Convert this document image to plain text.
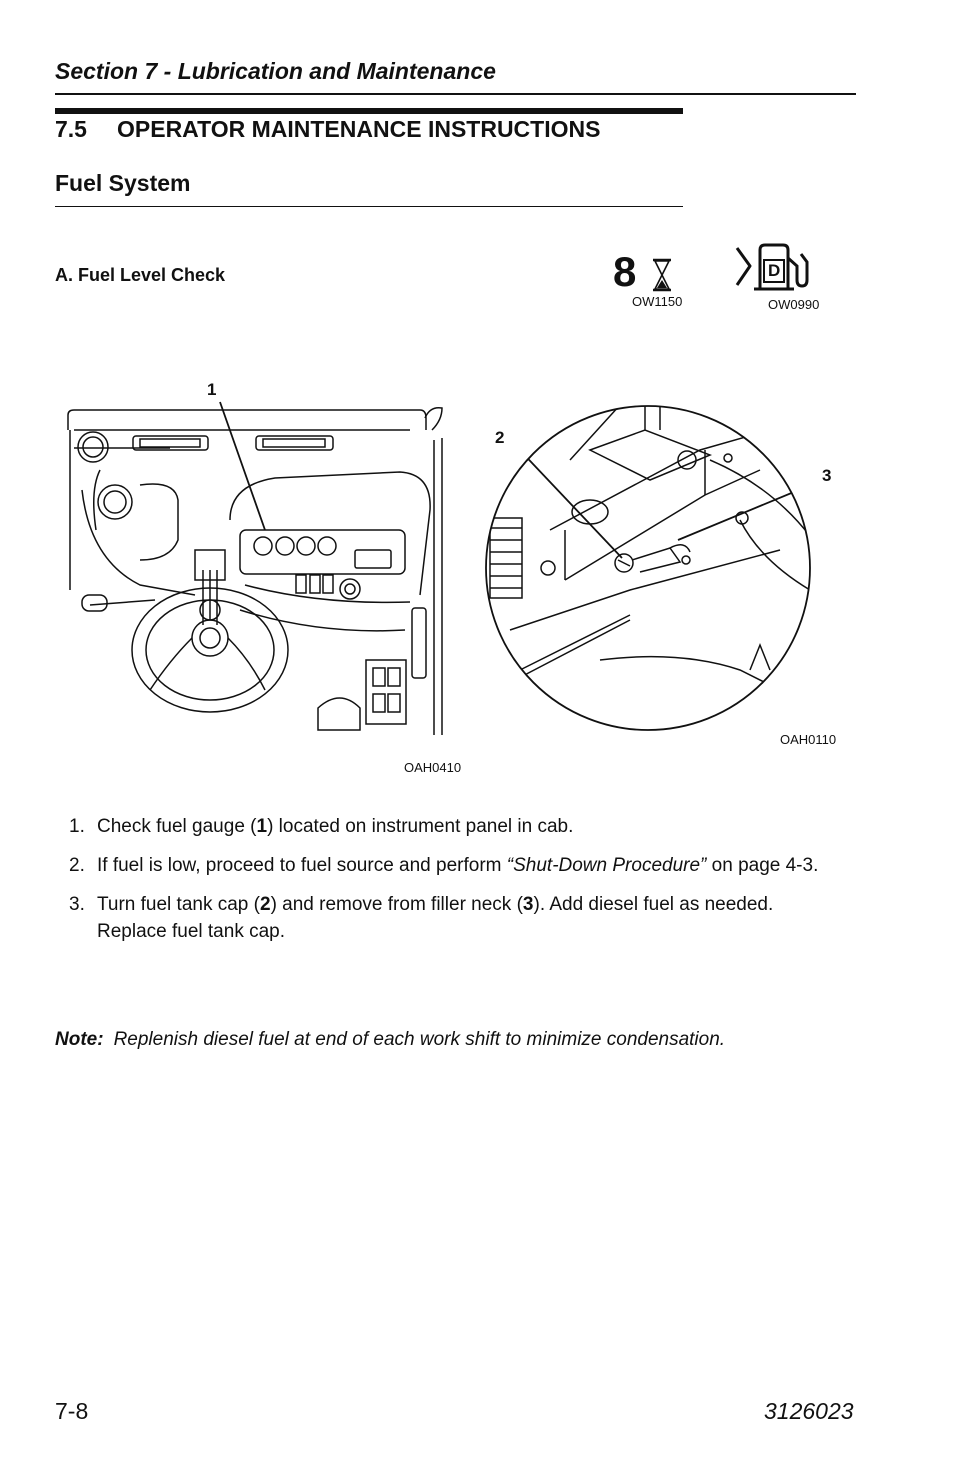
Section 7 - Lubrication and Maintenance
7.5 OPERATOR MAINTENANCE INSTRUCTIONS
Fuel System
A. Fuel Level Check	8
OW1150
D
OW0990
1
OAH0410
2
3
OAH0110
1. Check fuel gauge (1) located on instrument panel in cab.
2. If fuel is low, proceed to fuel source and perform “Shut-Down Procedure” on page 4-3.
3. Turn fuel tank cap (2) and remove from filler neck (3). Add diesel fuel as needed. Replace fuel tank cap.
Note: Replenish diesel fuel at end of each work shift to minimize condensation.
7-8	3126023
